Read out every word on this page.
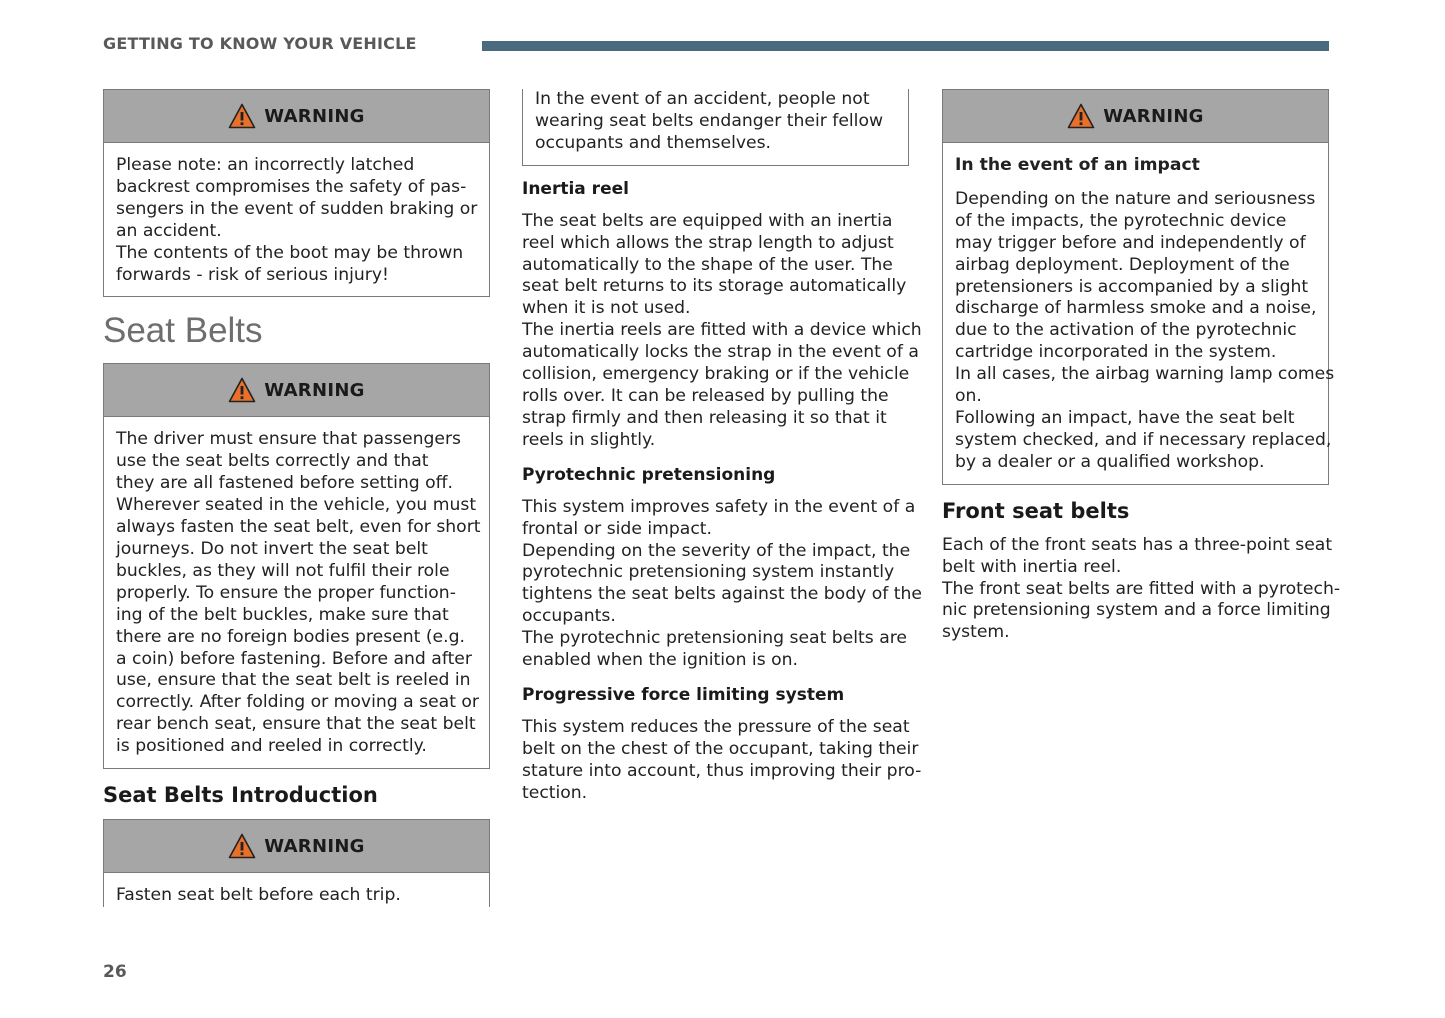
GETTING TO KNOW YOUR VEHICLE
WARNING
Please note: an incorrectly latched
backrest compromises the safety of pas-
sengers in the event of sudden braking or
an accident.
The contents of the boot may be thrown
forwards - risk of serious injury!
Seat Belts
WARNING
The driver must ensure that passengers
use the seat belts correctly and that
they are all fastened before setting off.
Wherever seated in the vehicle, you must
always fasten the seat belt, even for short
journeys. Do not invert the seat belt
buckles, as they will not fulfil their role
properly. To ensure the proper function-
ing of the belt buckles, make sure that
there are no foreign bodies present (e.g.
a coin) before fastening. Before and after
use, ensure that the seat belt is reeled in
correctly. After folding or moving a seat or
rear bench seat, ensure that the seat belt
is positioned and reeled in correctly.
Seat Belts Introduction
WARNING
Fasten seat belt before each trip.
In the event of an accident, people not
wearing seat belts endanger their fellow
occupants and themselves.
Inertia reel
The seat belts are equipped with an inertia
reel which allows the strap length to adjust
automatically to the shape of the user. The
seat belt returns to its storage automatically
when it is not used.
The inertia reels are fitted with a device which
automatically locks the strap in the event of a
collision, emergency braking or if the vehicle
rolls over. It can be released by pulling the
strap firmly and then releasing it so that it
reels in slightly.
Pyrotechnic pretensioning
This system improves safety in the event of a
frontal or side impact.
Depending on the severity of the impact, the
pyrotechnic pretensioning system instantly
tightens the seat belts against the body of the
occupants.
The pyrotechnic pretensioning seat belts are
enabled when the ignition is on.
Progressive force limiting system
This system reduces the pressure of the seat
belt on the chest of the occupant, taking their
stature into account, thus improving their pro-
tection.
WARNING
In the event of an impact
Depending on the nature and seriousness
of the impacts, the pyrotechnic device
may trigger before and independently of
airbag deployment. Deployment of the
pretensioners is accompanied by a slight
discharge of harmless smoke and a noise,
due to the activation of the pyrotechnic
cartridge incorporated in the system.
In all cases, the airbag warning lamp comes
on.
Following an impact, have the seat belt
system checked, and if necessary replaced,
by a dealer or a qualified workshop.
Front seat belts
Each of the front seats has a three-point seat
belt with inertia reel.
The front seat belts are fitted with a pyrotech-
nic pretensioning system and a force limiting
system.
26
